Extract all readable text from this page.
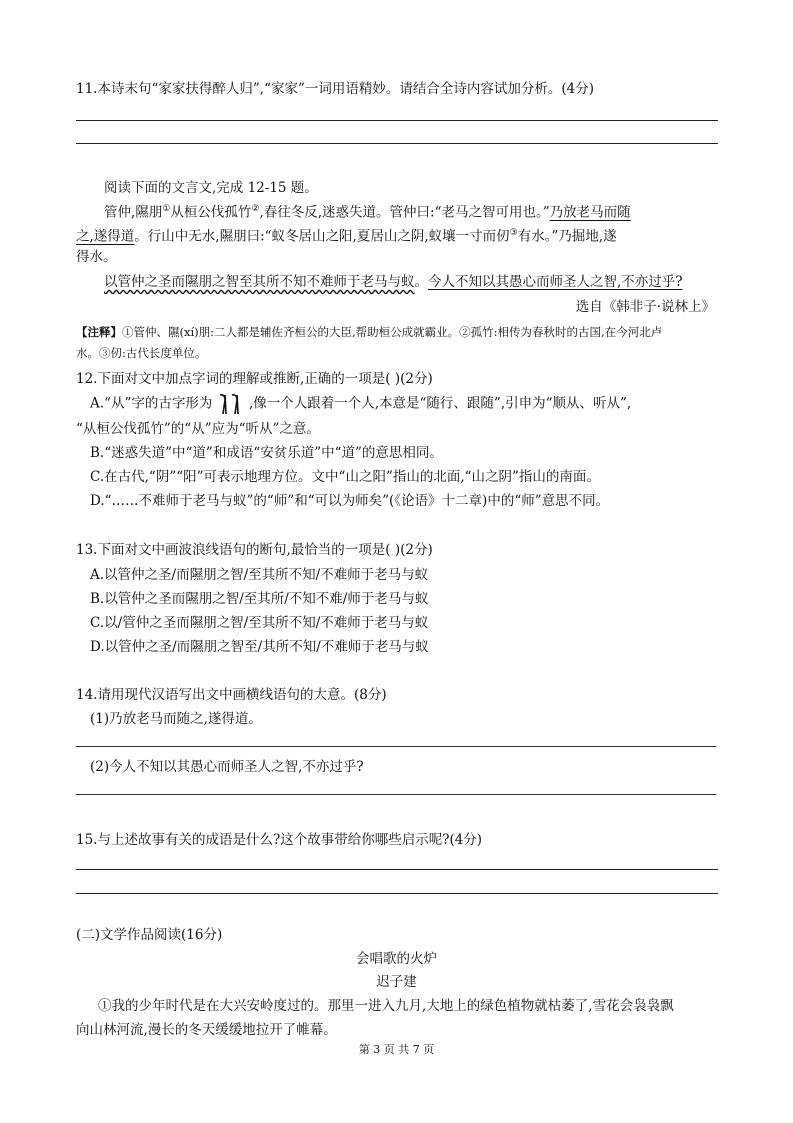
11.本诗末句“家家扶得醉人归”,“家家”一词用语精妙。请结合全诗内容试加分析。(4分)
阅读下面的文言文,完成 12-15 题。
管仲,隰朋①从桓公伐孤竹②,春往冬反,迷惑失道。管仲曰:“老马之智可用也。”乃放老马而随
之,遂得道。行山中无水,隰朋曰:“蚁冬居山之阳,夏居山之阴,蚁壤一寸而仞③有水。”乃掘地,遂
得水。
以管仲之圣而隰朋之智至其所不知不难师于老马与蚁。今人不知以其愚心而师圣人之智,不亦过乎?
选自《韩非子·说林上》
【注释】①管仲、隰(xí)朋:二人都是辅佐齐桓公的大臣,帮助桓公成就霸业。②孤竹:相传为春秋时的古国,在今河北卢
水。③仞:古代长度单位。
12.下面对文中加点字词的理解或推断,正确的一项是( )(2分)
A.“从”字的古字形为	,像一个人跟着一个人,本意是“随行、跟随”,引申为“顺从、听从”,
“从桓公伐孤竹”的“从”应为“听从”之意。
B.“迷惑失道”中“道”和成语“安贫乐道”中“道”的意思相同。
C.在古代,“阴”“阳”可表示地理方位。文中“山之阳”指山的北面,“山之阴”指山的南面。
D.“……不难师于老马与蚁”的“师”和“可以为师矣”(《论语》十二章)中的“师”意思不同。
13.下面对文中画波浪线语句的断句,最恰当的一项是( )(2分)
A.以管仲之圣/而隰朋之智/至其所不知/不难师于老马与蚁
B.以管仲之圣而隰朋之智/至其所/不知不难/师于老马与蚁
C.以/管仲之圣而隰朋之智/至其所不知/不难师于老马与蚁
D.以管仲之圣/而隰朋之智至/其所不知/不难师于老马与蚁
14.请用现代汉语写出文中画横线语句的大意。(8分)
(1)乃放老马而随之,遂得道。
(2)今人不知以其愚心而师圣人之智,不亦过乎?
15.与上述故事有关的成语是什么?这个故事带给你哪些启示呢?(4分)
(二)文学作品阅读(16分)
会唱歌的火炉
迟子建
①我的少年时代是在大兴安岭度过的。那里一进入九月,大地上的绿色植物就枯萎了,雪花会袅袅飘
向山林河流,漫长的冬天缓缓地拉开了帷幕。
第 3 页 共 7 页
